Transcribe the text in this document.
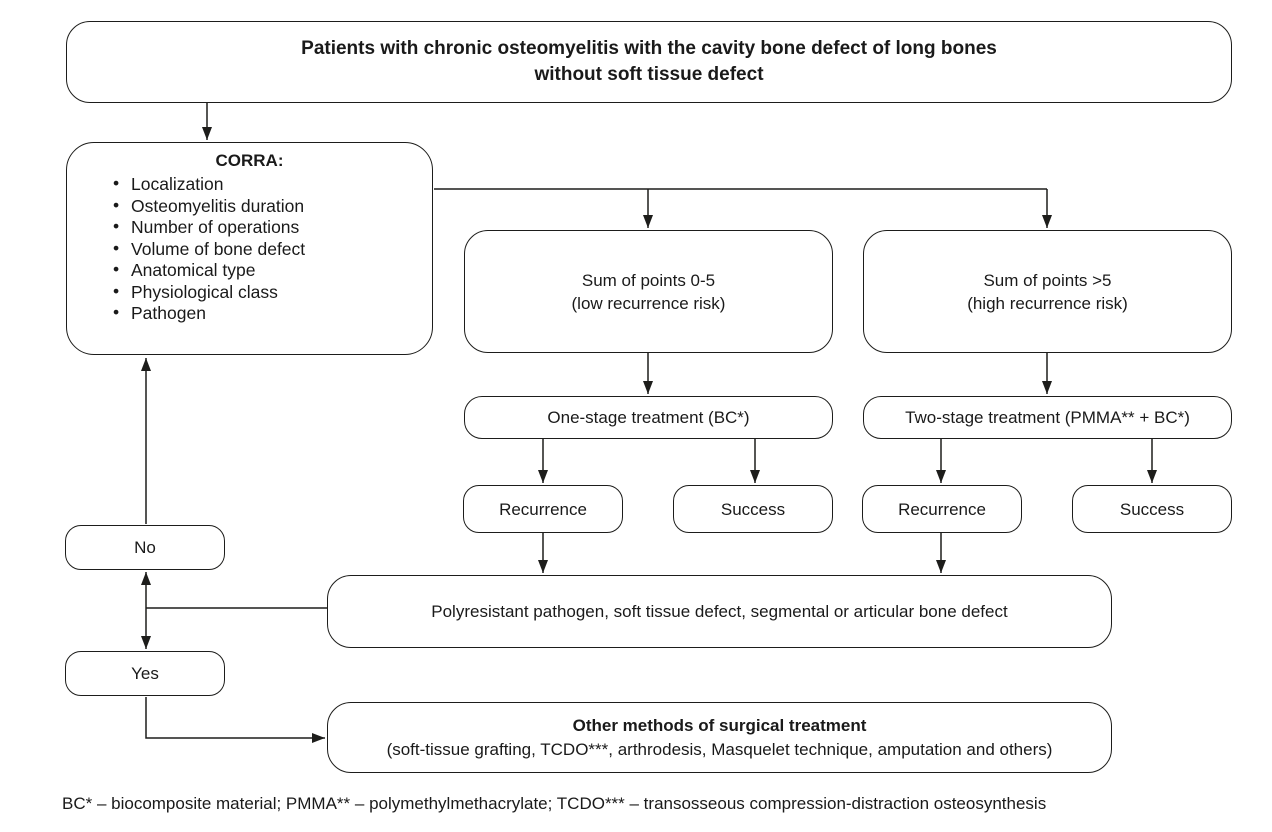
Patients with chronic osteomyelitis with the cavity bone defect of long bones
without soft tissue defect
CORRA:
• Localization
• Osteomyelitis duration
• Number of operations
• Volume of bone defect
• Anatomical type
• Physiological class
• Pathogen
Sum of points 0-5
(low recurrence risk)
Sum of points >5
(high recurrence risk)
One-stage treatment (BC*)	Two-stage treatment (PMMA** + BC*)
Recurrence	Success	Recurrence	Success
No
Yes
Polyresistant pathogen, soft tissue defect, segmental or articular bone defect
Other methods of surgical treatment
(soft-tissue grafting, TCDO***, arthrodesis, Masquelet technique, amputation and others)
BC* – biocomposite material; PMMA** – polymethylmethacrylate; TCDO*** – transosseous compression-distraction osteosynthesis
